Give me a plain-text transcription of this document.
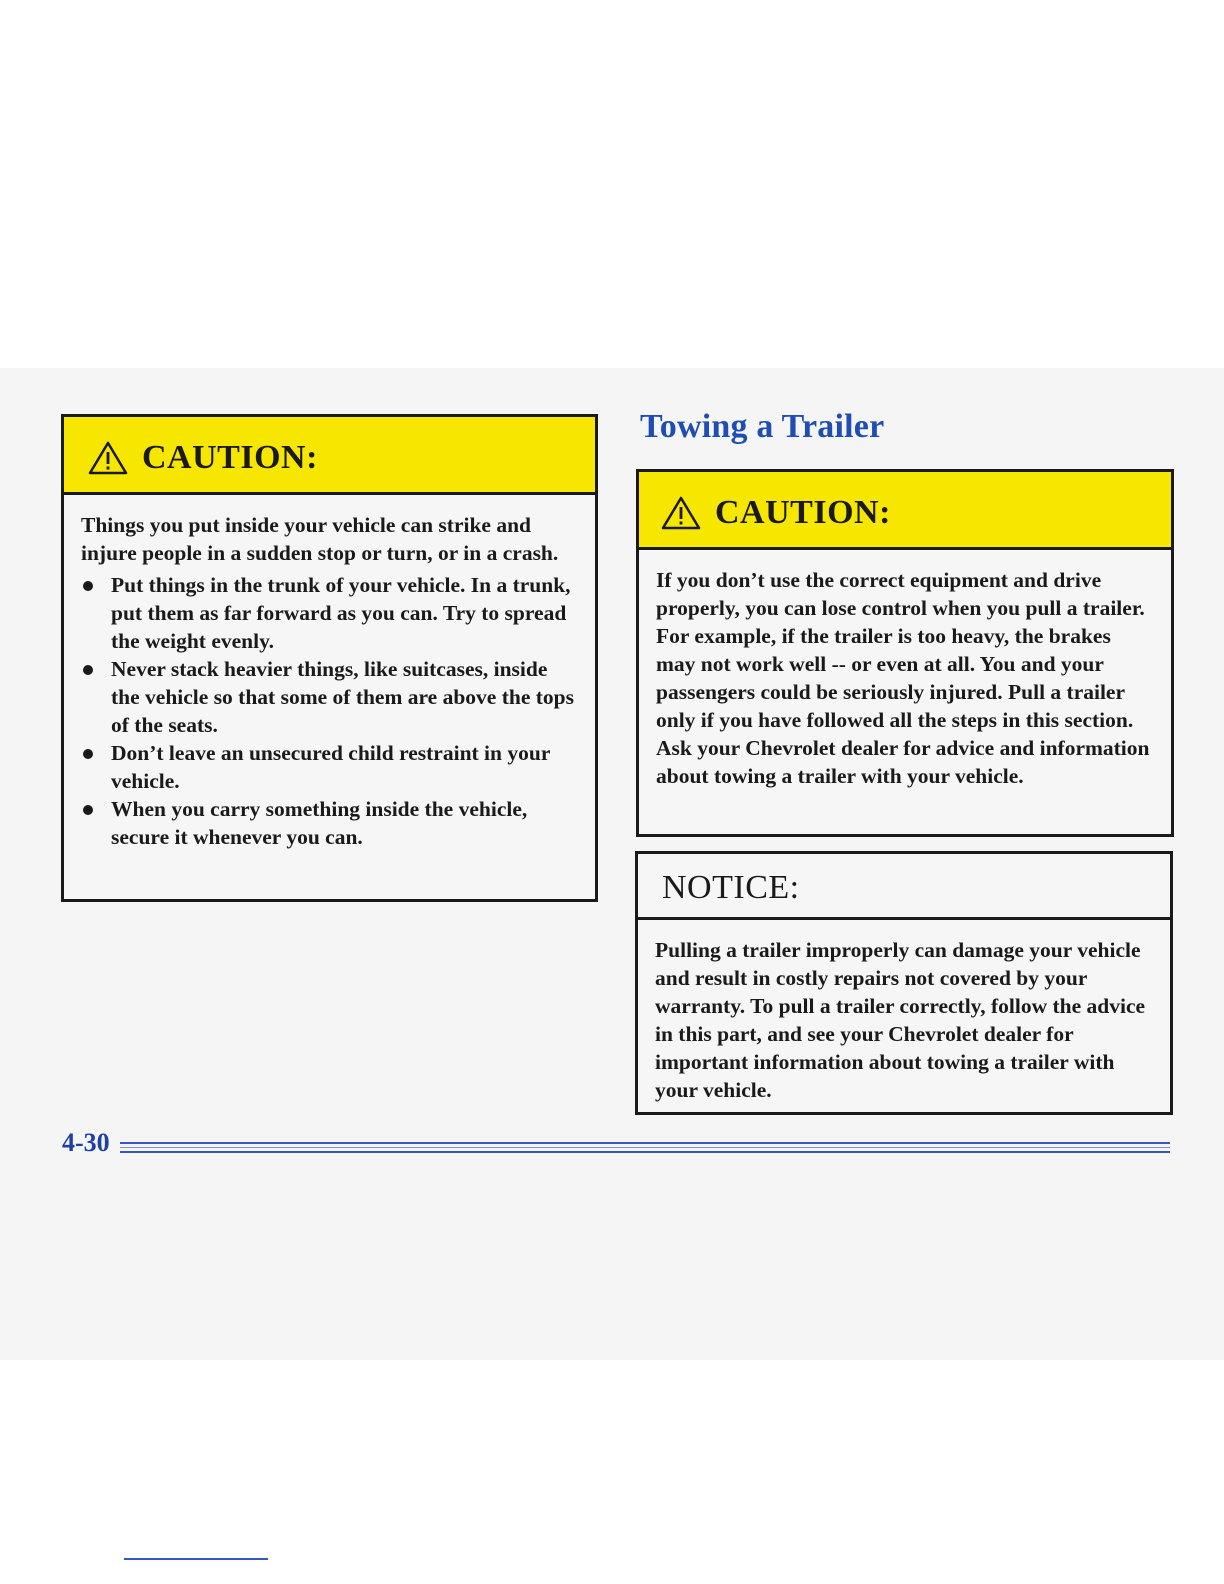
CAUTION:

Things you put inside your vehicle can strike and injure people in a sudden stop or turn, or in a crash.

Put things in the trunk of your vehicle. In a trunk, put them as far forward as you can. Try to spread the weight evenly.
Never stack heavier things, like suitcases, inside the vehicle so that some of them are above the tops of the seats.
Don’t leave an unsecured child restraint in your vehicle.
When you carry something inside the vehicle, secure it whenever you can.
Towing a Trailer
CAUTION:

If you don’t use the correct equipment and drive properly, you can lose control when you pull a trailer. For example, if the trailer is too heavy, the brakes may not work well -- or even at all. You and your passengers could be seriously injured. Pull a trailer only if you have followed all the steps in this section. Ask your Chevrolet dealer for advice and information about towing a trailer with your vehicle.

NOTICE:

Pulling a trailer improperly can damage your vehicle and result in costly repairs not covered by your warranty. To pull a trailer correctly, follow the advice in this part, and see your Chevrolet dealer for important information about towing a trailer with your vehicle.

4-30
